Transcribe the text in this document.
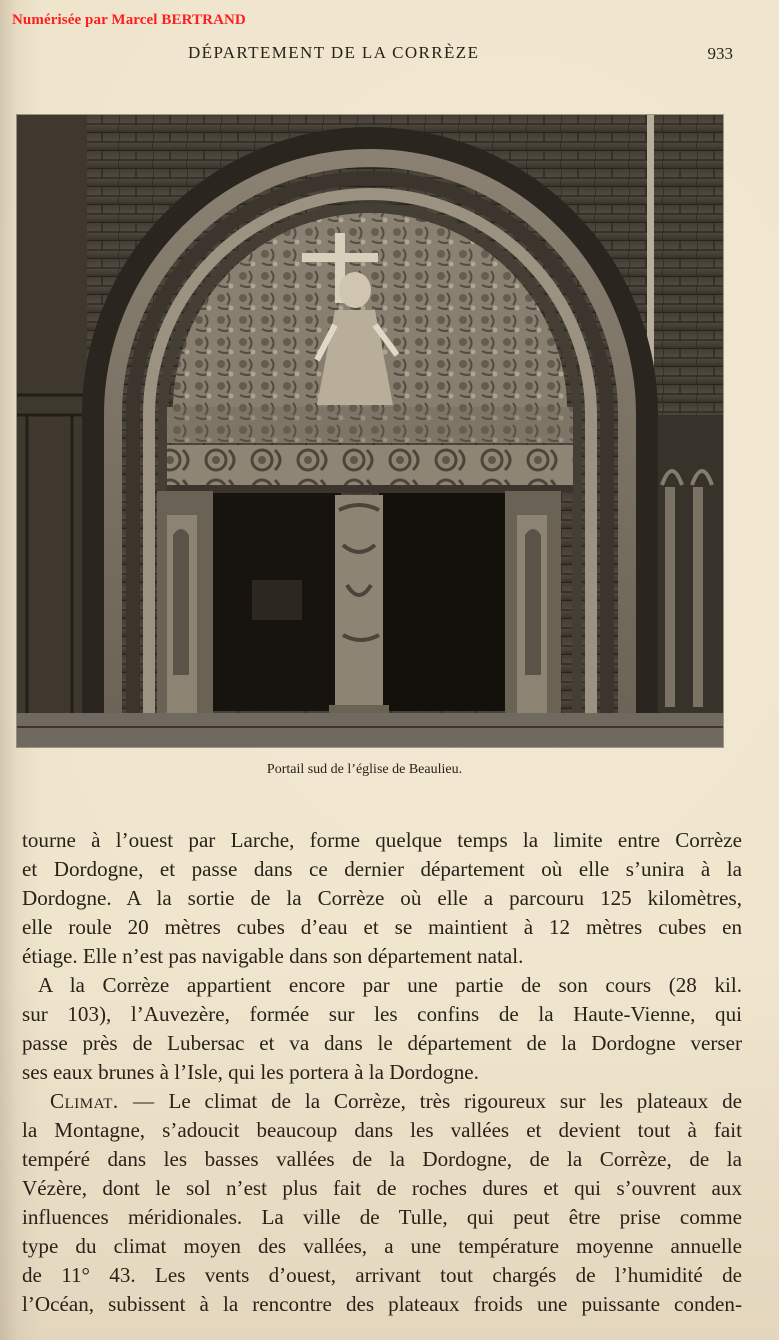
Numérisée par Marcel BERTRAND
DÉPARTEMENT DE LA CORRÈZE	933
Portail sud de l’église de Beaulieu.
tourne à l’ouest par Larche, forme quelque temps la limite entre Corrèze
et Dordogne, et passe dans ce dernier département où elle s’unira à la
Dordogne. A la sortie de la Corrèze où elle a parcouru 125 kilomètres,
elle roule 20 mètres cubes d’eau et se maintient à 12 mètres cubes en
étiage. Elle n’est pas navigable dans son département natal.
A la Corrèze appartient encore par une partie de son cours (28 kil.
sur 103), l’Auvezère, formée sur les confins de la Haute-Vienne, qui
passe près de Lubersac et va dans le département de la Dordogne verser
ses eaux brunes à l’Isle, qui les portera à la Dordogne.
Climat. — Le climat de la Corrèze, très rigoureux sur les plateaux de
la Montagne, s’adoucit beaucoup dans les vallées et devient tout à fait
tempéré dans les basses vallées de la Dordogne, de la Corrèze, de la
Vézère, dont le sol n’est plus fait de roches dures et qui s’ouvrent aux
influences méridionales. La ville de Tulle, qui peut être prise comme
type du climat moyen des vallées, a une température moyenne annuelle
de 11° 43. Les vents d’ouest, arrivant tout chargés de l’humidité de
l’Océan, subissent à la rencontre des plateaux froids une puissante conden-
